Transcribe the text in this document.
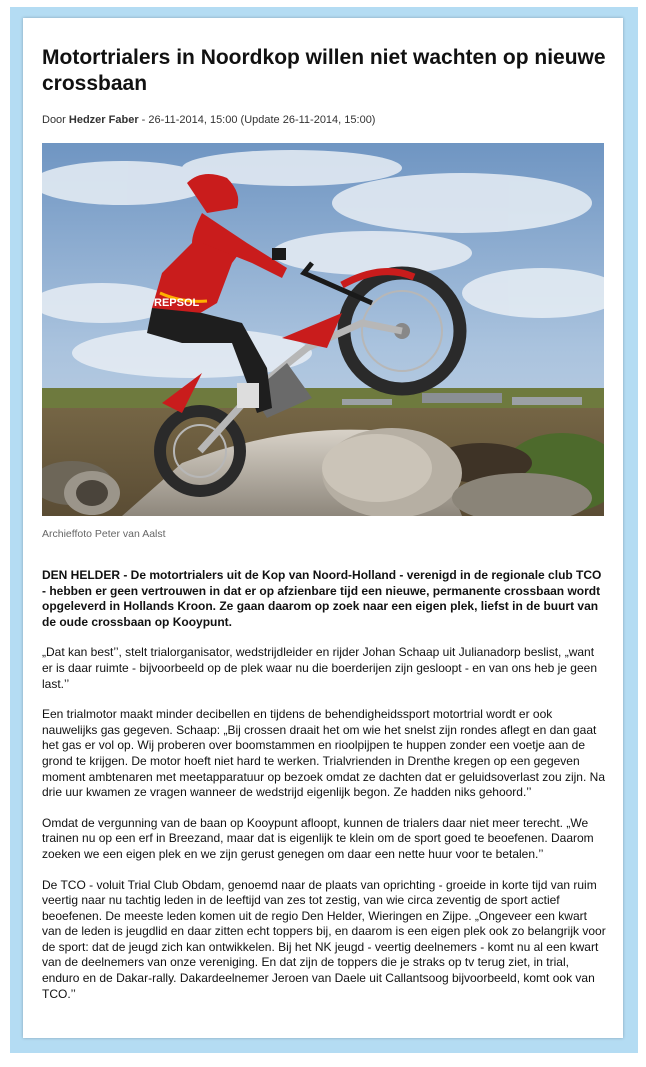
Motortrialers in Noordkop willen niet wachten op nieuwe crossbaan
Door Hedzer Faber - 26-11-2014, 15:00 (Update 26-11-2014, 15:00)
REPSOL
Archieffoto Peter van Aalst

DEN HELDER - De motortrialers uit de Kop van Noord-Holland - verenigd in de regionale club TCO - hebben er geen vertrouwen in dat er op afzienbare tijd een nieuwe, permanente crossbaan wordt opgeleverd in Hollands Kroon. Ze gaan daarom op zoek naar een eigen plek, liefst in de buurt van de oude crossbaan op Kooypunt.

„Dat kan best’’, stelt trialorganisator, wedstrijdleider en rijder Johan Schaap uit Julianadorp beslist, „want er is daar ruimte - bijvoorbeeld op de plek waar nu die boerderijen zijn gesloopt - en van ons heb je geen last.’’

Een trialmotor maakt minder decibellen en tijdens de behendigheidssport motortrial wordt er ook nauwelijks gas gegeven. Schaap: „Bij crossen draait het om wie het snelst zijn rondes aflegt en dan gaat het gas er vol op. Wij proberen over boomstammen en rioolpijpen te huppen zonder een voetje aan de grond te krijgen. De motor hoeft niet hard te werken. Trialvrienden in Drenthe kregen op een gegeven moment ambtenaren met meetapparatuur op bezoek omdat ze dachten dat er geluidsoverlast zou zijn. Na drie uur kwamen ze vragen wanneer de wedstrijd eigenlijk begon. Ze hadden niks gehoord.’’

Omdat de vergunning van de baan op Kooypunt afloopt, kunnen de trialers daar niet meer terecht. „We trainen nu op een erf in Breezand, maar dat is eigenlijk te klein om de sport goed te beoefenen. Daarom zoeken we een eigen plek en we zijn gerust genegen om daar een nette huur voor te betalen.’’

De TCO - voluit Trial Club Obdam, genoemd naar de plaats van oprichting - groeide in korte tijd van ruim veertig naar nu tachtig leden in de leeftijd van zes tot zestig, van wie circa zeventig de sport actief beoefenen. De meeste leden komen uit de regio Den Helder, Wieringen en Zijpe. „Ongeveer een kwart van de leden is jeugdlid en daar zitten echt toppers bij, en daarom is een eigen plek ook zo belangrijk voor de sport: dat de jeugd zich kan ontwikkelen. Bij het NK jeugd - veertig deelnemers - komt nu al een kwart van de deelnemers van onze vereniging. En dat zijn de toppers die je straks op tv terug ziet, in trial, enduro en de Dakar-rally. Dakardeelnemer Jeroen van Daele uit Callantsoog bijvoorbeeld, komt ook van TCO.’’
